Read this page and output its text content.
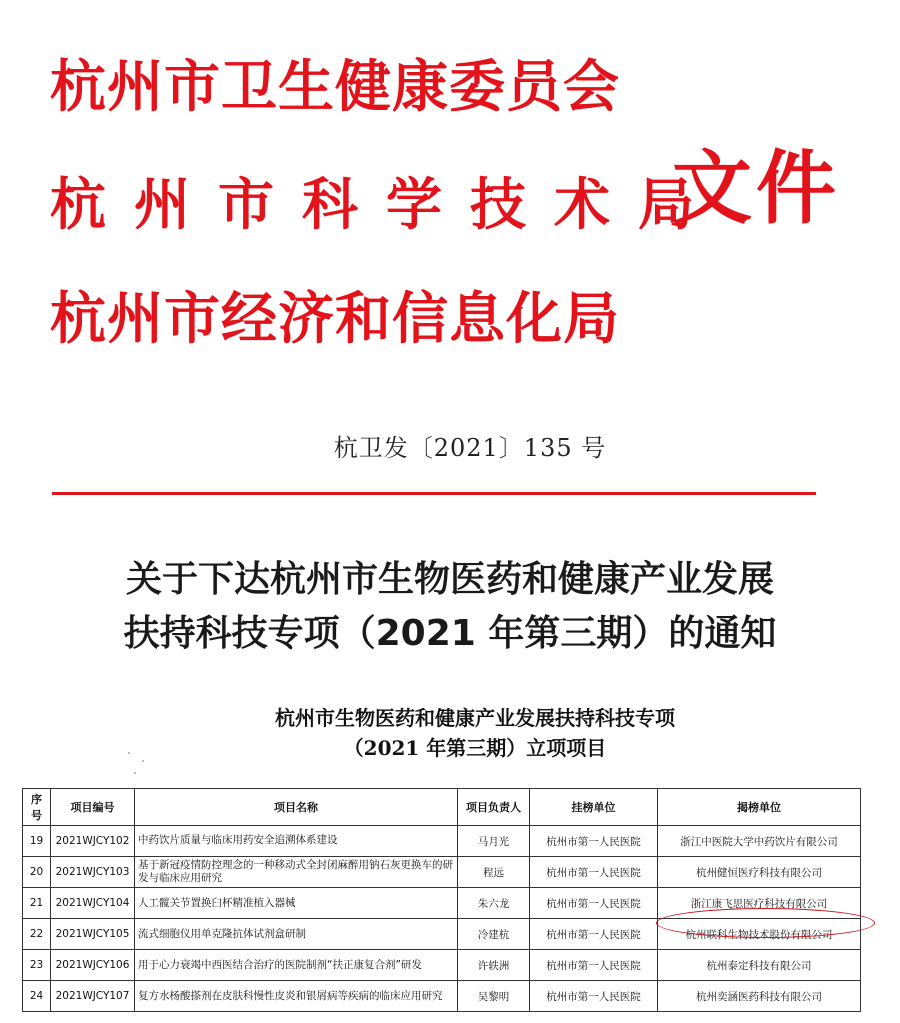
杭州市卫生健康委员会
杭州市科学技术局
杭州市经济和信息化局
文件
杭卫发〔2021〕135 号
关于下达杭州市生物医药和健康产业发展
扶持科技专项（2021 年第三期）的通知
杭州市生物医药和健康产业发展扶持科技专项
（2021 年第三期）立项项目
序号	项目编号	项目名称	项目负责人	挂榜单位	揭榜单位
19	2021WJCY102	中药饮片质量与临床用药安全追溯体系建设	马月光	杭州市第一人民医院	浙江中医院大学中药饮片有限公司
20	2021WJCY103	基于新冠疫情防控理念的一种移动式全封闭麻醉用钠石灰更换车的研发与临床应用研究	程远	杭州市第一人民医院	杭州健恒医疗科技有限公司
21	2021WJCY104	人工髋关节置换臼杯精准植入器械	朱六龙	杭州市第一人民医院	浙江康飞思医疗科技有限公司
22	2021WJCY105	流式细胞仪用单克隆抗体试剂盒研制	冷建杭	杭州市第一人民医院	杭州联科生物技术股份有限公司
23	2021WJCY106	用于心力衰竭中西医结合治疗的医院制剂“扶正康复合剂”研发	许轶洲	杭州市第一人民医院	杭州泰定科技有限公司
24	2021WJCY107	复方水杨酸搽剂在皮肤科慢性皮炎和银屑病等疾病的临床应用研究	吴黎明	杭州市第一人民医院	杭州奕涵医药科技有限公司
